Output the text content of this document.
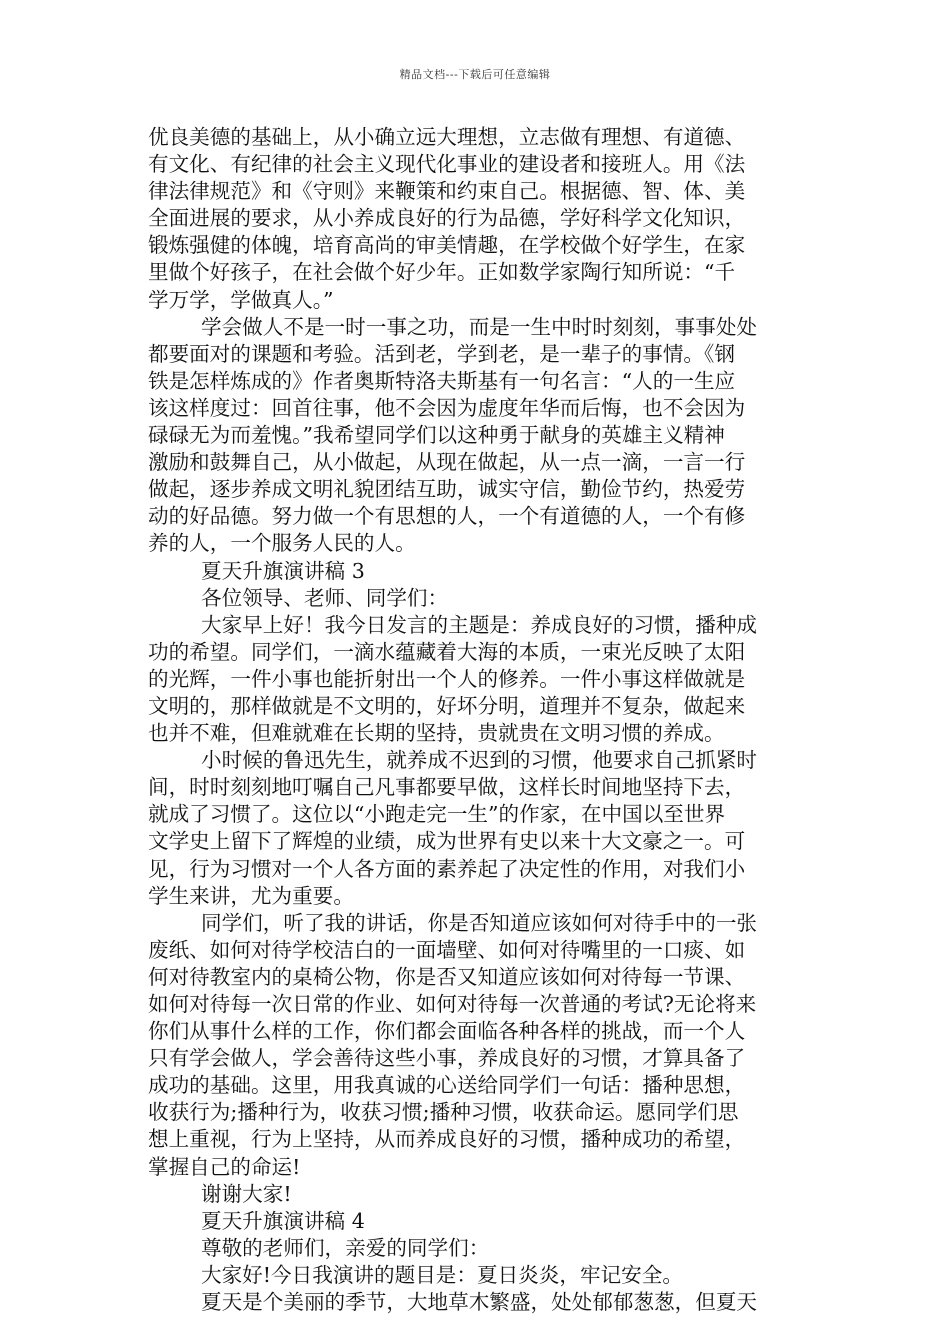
精品文档---下载后可任意编辑
优良美德的基础上，从小确立远大理想，立志做有理想、有道德、
有文化、有纪律的社会主义现代化事业的建设者和接班人。用《法
律法律规范》和《守则》来鞭策和约束自己。根据德、智、体、美
全面进展的要求，从小养成良好的行为品德，学好科学文化知识，
锻炼强健的体魄，培育高尚的审美情趣，在学校做个好学生，在家
里做个好孩子，在社会做个好少年。正如数学家陶行知所说：“千
学万学，学做真人。”
学会做人不是一时一事之功，而是一生中时时刻刻，事事处处
都要面对的课题和考验。活到老，学到老，是一辈子的事情。《钢
铁是怎样炼成的》作者奥斯特洛夫斯基有一句名言：“人的一生应
该这样度过：回首往事，他不会因为虚度年华而后悔，也不会因为
碌碌无为而羞愧。”我希望同学们以这种勇于献身的英雄主义精神
激励和鼓舞自己，从小做起，从现在做起，从一点一滴，一言一行
做起，逐步养成文明礼貌团结互助，诚实守信，勤俭节约，热爱劳
动的好品德。努力做一个有思想的人，一个有道德的人，一个有修
养的人，一个服务人民的人。
夏天升旗演讲稿 3
各位领导、老师、同学们：
大家早上好！我今日发言的主题是：养成良好的习惯，播种成
功的希望。同学们，一滴水蕴藏着大海的本质，一束光反映了太阳
的光辉，一件小事也能折射出一个人的修养。一件小事这样做就是
文明的，那样做就是不文明的，好坏分明，道理并不复杂，做起来
也并不难，但难就难在长期的坚持，贵就贵在文明习惯的养成。
小时候的鲁迅先生，就养成不迟到的习惯，他要求自己抓紧时
间，时时刻刻地叮嘱自己凡事都要早做，这样长时间地坚持下去，
就成了习惯了。这位以“小跑走完一生”的作家，在中国以至世界
文学史上留下了辉煌的业绩，成为世界有史以来十大文豪之一。可
见，行为习惯对一个人各方面的素养起了决定性的作用，对我们小
学生来讲，尤为重要。
同学们，听了我的讲话，你是否知道应该如何对待手中的一张
废纸、如何对待学校洁白的一面墙壁、如何对待嘴里的一口痰、如
何对待教室内的桌椅公物，你是否又知道应该如何对待每一节课、
如何对待每一次日常的作业、如何对待每一次普通的考试?无论将来
你们从事什么样的工作，你们都会面临各种各样的挑战，而一个人
只有学会做人，学会善待这些小事，养成良好的习惯，才算具备了
成功的基础。这里，用我真诚的心送给同学们一句话：播种思想，
收获行为;播种行为，收获习惯;播种习惯，收获命运。愿同学们思
想上重视，行为上坚持，从而养成良好的习惯，播种成功的希望，
掌握自己的命运!
谢谢大家!
夏天升旗演讲稿 4
尊敬的老师们，亲爱的同学们：
大家好!今日我演讲的题目是：夏日炎炎，牢记安全。
夏天是个美丽的季节，大地草木繁盛，处处郁郁葱葱，但夏天
